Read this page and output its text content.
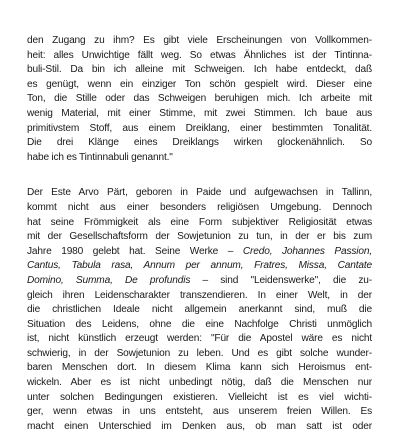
den Zugang zu ihm? Es gibt viele Erscheinungen von Vollkommen-
heit: alles Unwichtige fällt weg. So etwas Ähnliches ist der Tintinna-
buli-Stil. Da bin ich alleine mit Schweigen. Ich habe entdeckt, daß
es genügt, wenn ein einziger Ton schön gespielt wird. Dieser eine
Ton, die Stille oder das Schweigen beruhigen mich. Ich arbeite mit
wenig Material, mit einer Stimme, mit zwei Stimmen. Ich baue aus
primitivstem Stoff, aus einem Dreiklang, einer bestimmten Tonalität.
Die drei Klänge eines Dreiklangs wirken glockenähnlich. So
habe ich es Tintinnabuli genannt."

Der Este Arvo Pärt, geboren in Paide und aufgewachsen in Tallinn,
kommt nicht aus einer besonders religiösen Umgebung. Dennoch
hat seine Frömmigkeit als eine Form subjektiver Religiosität etwas
mit der Gesellschaftsform der Sowjetunion zu tun, in der er bis zum
Jahre 1980 gelebt hat. Seine Werke – Credo, Johannes Passion,
Cantus, Tabula rasa, Annum per annum, Fratres, Missa, Cantate
Domino, Summa, De profundis – sind "Leidenswerke", die zu-
gleich ihren Leidenscharakter transzendieren. In einer Welt, in der
die christlichen Ideale nicht allgemein anerkannt sind, muß die
Situation des Leidens, ohne die eine Nachfolge Christi unmöglich
ist, nicht künstlich erzeugt werden: "Für die Apostel wäre es nicht
schwierig, in der Sowjetunion zu leben. Und es gibt solche wunder-
baren Menschen dort. In diesem Klima kann sich Heroismus ent-
wickeln. Aber es ist nicht unbedingt nötig, daß die Menschen nur
unter solchen Bedingungen existieren. Vielleicht ist es viel wichti-
ger, wenn etwas in uns entsteht, aus unserem freien Willen. Es
macht einen Unterschied im Denken aus, ob man satt ist oder
